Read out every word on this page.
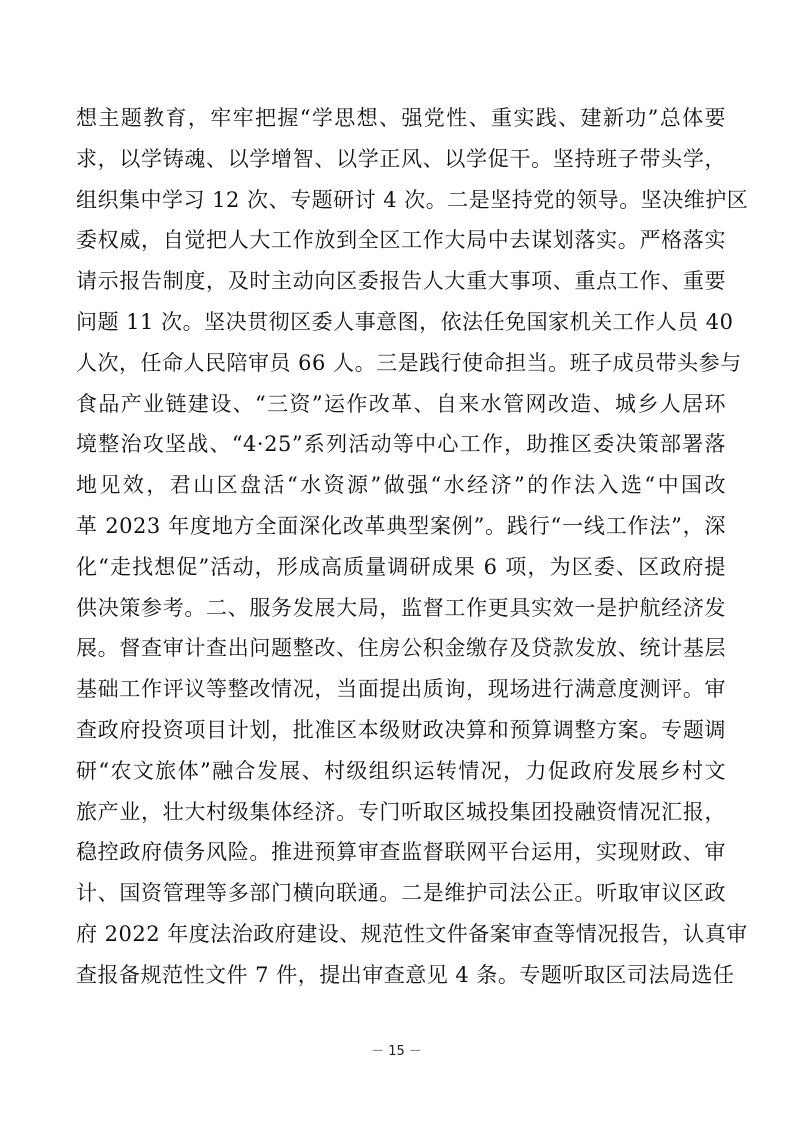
想主题教育，牢牢把握“学思想、强党性、重实践、建新功”总体要
求，以学铸魂、以学增智、以学正风、以学促干。坚持班子带头学，
组织集中学习 12 次、专题研讨 4 次。二是坚持党的领导。坚决维护区
委权威，自觉把人大工作放到全区工作大局中去谋划落实。严格落实
请示报告制度，及时主动向区委报告人大重大事项、重点工作、重要
问题 11 次。坚决贯彻区委人事意图，依法任免国家机关工作人员 40
人次，任命人民陪审员 66 人。三是践行使命担当。班子成员带头参与
食品产业链建设、“三资”运作改革、自来水管网改造、城乡人居环
境整治攻坚战、“4·25”系列活动等中心工作，助推区委决策部署落
地见效，君山区盘活“水资源”做强“水经济”的作法入选“中国改
革 2023 年度地方全面深化改革典型案例”。践行“一线工作法”，深
化“走找想促”活动，形成高质量调研成果 6 项，为区委、区政府提
供决策参考。二、服务发展大局，监督工作更具实效一是护航经济发
展。督查审计查出问题整改、住房公积金缴存及贷款发放、统计基层
基础工作评议等整改情况，当面提出质询，现场进行满意度测评。审
查政府投资项目计划，批准区本级财政决算和预算调整方案。专题调
研“农文旅体”融合发展、村级组织运转情况，力促政府发展乡村文
旅产业，壮大村级集体经济。专门听取区城投集团投融资情况汇报，
稳控政府债务风险。推进预算审查监督联网平台运用，实现财政、审
计、国资管理等多部门横向联通。二是维护司法公正。听取审议区政
府 2022 年度法治政府建设、规范性文件备案审查等情况报告，认真审
查报备规范性文件 7 件，提出审查意见 4 条。专题听取区司法局选任
－ 15 －
